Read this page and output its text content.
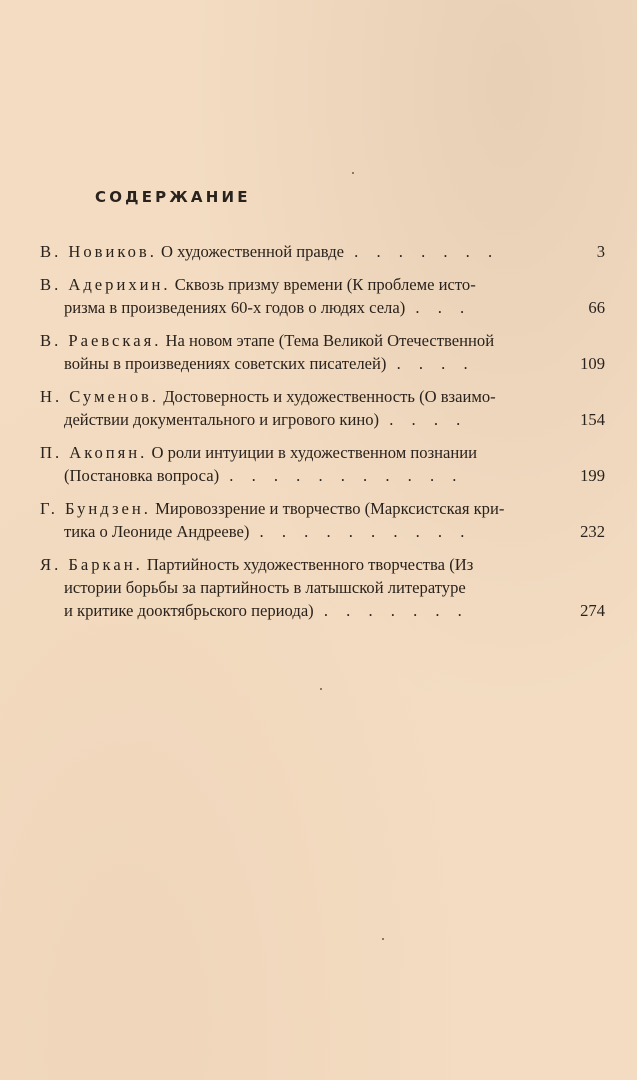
СОДЕРЖАНИЕ
В. Новиков. О художественной правде . . . . . . .	3
В. Адерихин. Сквозь призму времени (К проблеме исто-
ризма в произведениях 60-х годов о людях села) . . .	66
В. Раевская. На новом этапе (Тема Великой Отечественной
войны в произведениях советских писателей) . . . .	109
Н. Суменов. Достоверность и художественность (О взаимо-
действии документального и игрового кино) . . . .	154
П. Акопян. О роли интуиции в художественном познании
(Постановка вопроса) . . . . . . . . . . .	199
Г. Бундзен. Мировоззрение и творчество (Марксистская кри-
тика о Леониде Андрееве) . . . . . . . . . .	232
Я. Баркан. Партийность художественного творчества (Из
истории борьбы за партийность в латышской литературе
и критике дооктябрьского периода) . . . . . . .	274
